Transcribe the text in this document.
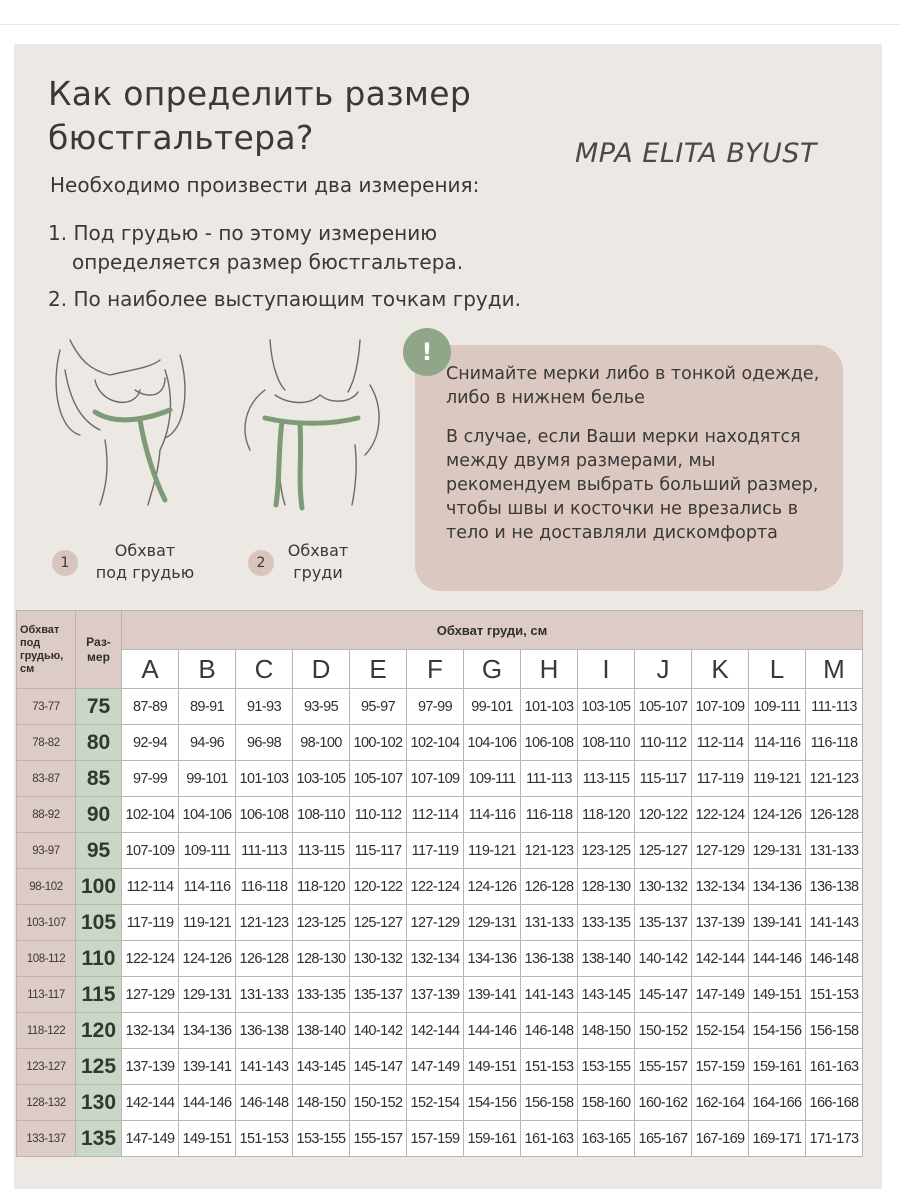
Как определить размер
бюстгальтера?	MPA ELITA BYUST
Необходимо произвести два измерения:
1. Под грудью - по этому измерению
определяется размер бюстгальтера.
2. По наиболее выступающим точкам груди.
1
Обхват
под грудью	2
Обхват
груди
!

Снимайте мерки либо в тонкой одежде, либо в нижнем белье

В случае, если Ваши мерки находятся между двумя размерами, мы рекомендуем выбрать больший размер, чтобы швы и косточки не врезались в тело и не доставляли дискомфорта

Обхват под грудью, см	Раз-мер	Обхват груди, см												
		A	B	C	D	E	F	G	H	I	J	K	L	M
73-77	75	87-89	89-91	91-93	93-95	95-97	97-99	99-101	101-103	103-105	105-107	107-109	109-111	111-113
78-82	80	92-94	94-96	96-98	98-100	100-102	102-104	104-106	106-108	108-110	110-112	112-114	114-116	116-118
83-87	85	97-99	99-101	101-103	103-105	105-107	107-109	109-111	111-113	113-115	115-117	117-119	119-121	121-123
88-92	90	102-104	104-106	106-108	108-110	110-112	112-114	114-116	116-118	118-120	120-122	122-124	124-126	126-128
93-97	95	107-109	109-111	111-113	113-115	115-117	117-119	119-121	121-123	123-125	125-127	127-129	129-131	131-133
98-102	100	112-114	114-116	116-118	118-120	120-122	122-124	124-126	126-128	128-130	130-132	132-134	134-136	136-138
103-107	105	117-119	119-121	121-123	123-125	125-127	127-129	129-131	131-133	133-135	135-137	137-139	139-141	141-143
108-112	110	122-124	124-126	126-128	128-130	130-132	132-134	134-136	136-138	138-140	140-142	142-144	144-146	146-148
113-117	115	127-129	129-131	131-133	133-135	135-137	137-139	139-141	141-143	143-145	145-147	147-149	149-151	151-153
118-122	120	132-134	134-136	136-138	138-140	140-142	142-144	144-146	146-148	148-150	150-152	152-154	154-156	156-158
123-127	125	137-139	139-141	141-143	143-145	145-147	147-149	149-151	151-153	153-155	155-157	157-159	159-161	161-163
128-132	130	142-144	144-146	146-148	148-150	150-152	152-154	154-156	156-158	158-160	160-162	162-164	164-166	166-168
133-137	135	147-149	149-151	151-153	153-155	155-157	157-159	159-161	161-163	163-165	165-167	167-169	169-171	171-173
